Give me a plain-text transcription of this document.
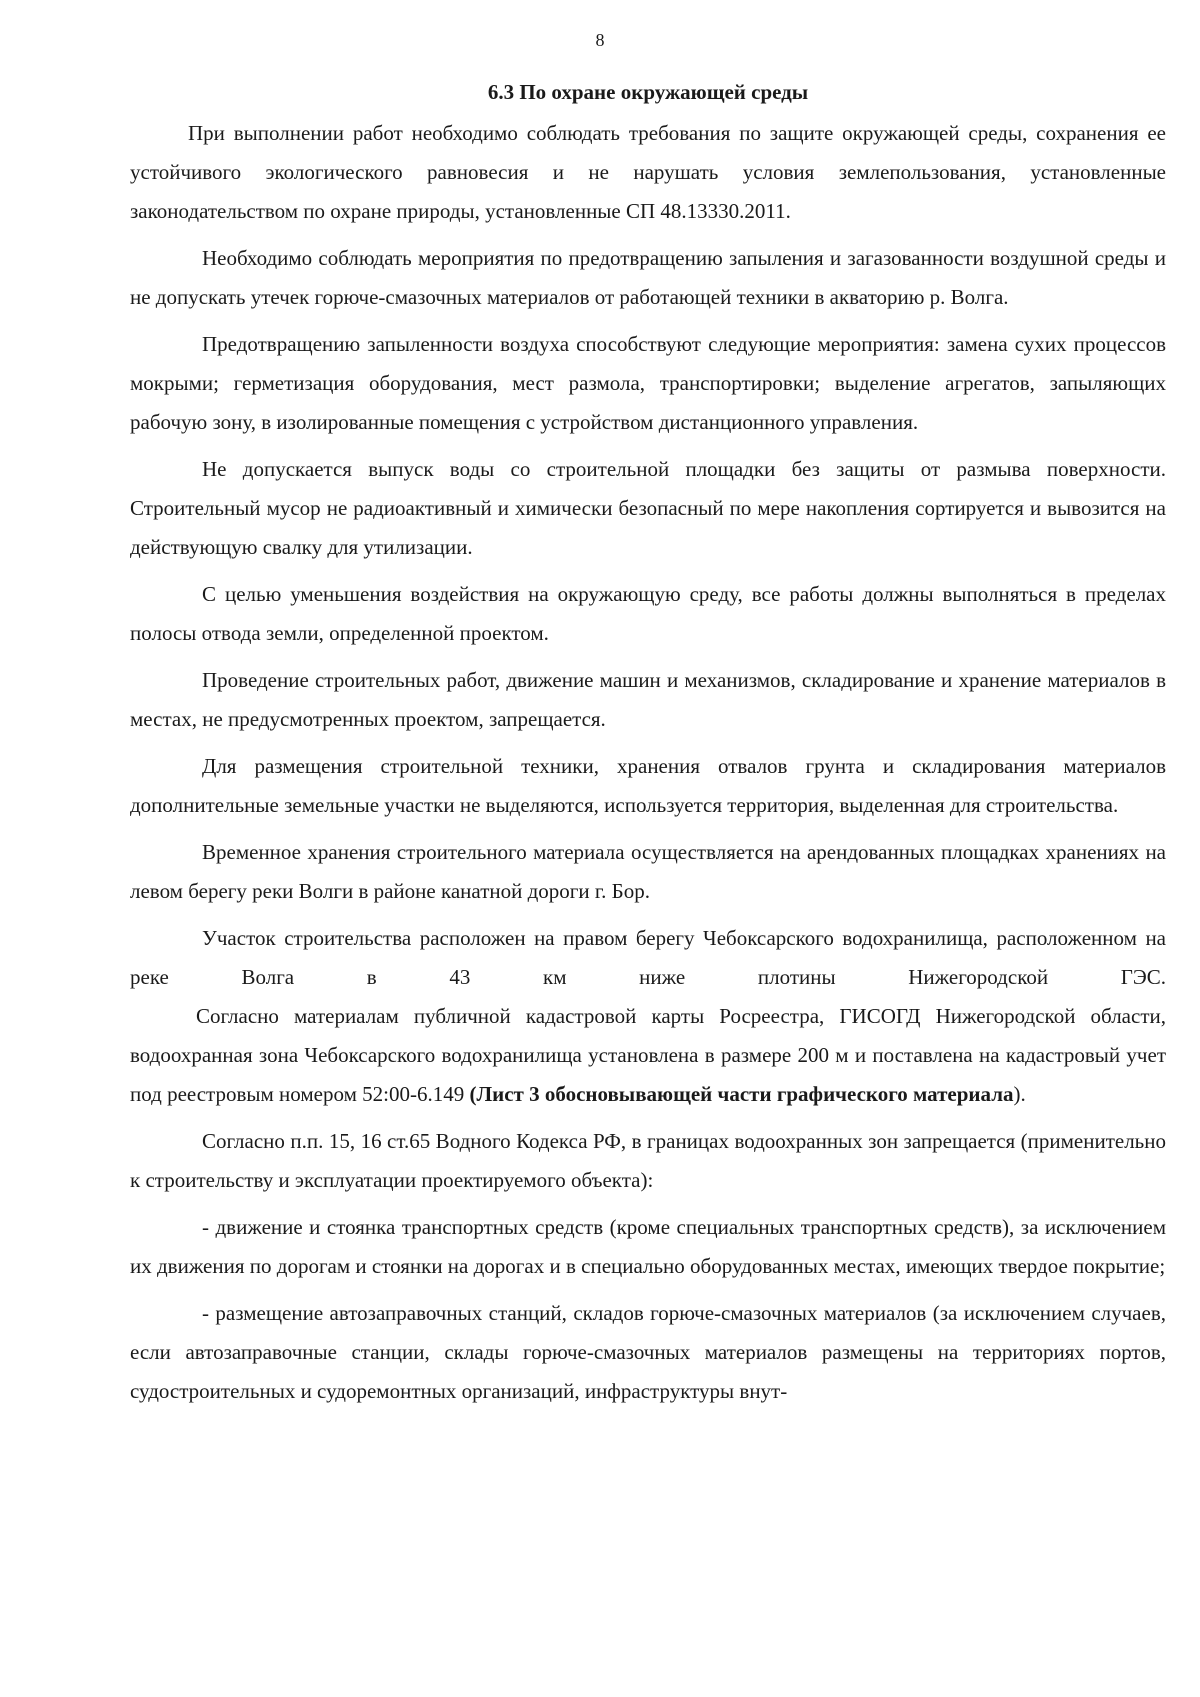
8
6.3 По охране окружающей среды

При выполнении работ необходимо соблюдать требования по защите окружающей среды, сохранения ее устойчивого экологического равновесия и не нарушать условия землепользования, установленные законодательством по охране природы, установленные СП 48.13330.2011.

Необходимо соблюдать мероприятия по предотвращению запыления и загазованности воздушной среды и не допускать утечек горюче-смазочных материалов от работающей техники в акваторию р. Волга.

Предотвращению запыленности воздуха способствуют следующие мероприятия: замена сухих процессов мокрыми; герметизация оборудования, мест размола, транспортировки; выделение агрегатов, запыляющих рабочую зону, в изолированные помещения с устройством дистанционного управления.

Не допускается выпуск воды со строительной площадки без защиты от размыва поверхности. Строительный мусор не радиоактивный и химически безопасный по мере накопления сортируется и вывозится на действующую свалку для утилизации.

С целью уменьшения воздействия на окружающую среду, все работы должны выполняться в пределах полосы отвода земли, определенной проектом.

Проведение строительных работ, движение машин и механизмов, складирование и хранение материалов в местах, не предусмотренных проектом, запрещается.

Для размещения строительной техники, хранения отвалов грунта и складирования материалов дополнительные земельные участки не выделяются, используется территория, выделенная для строительства.

Временное хранения строительного материала осуществляется на арендованных площадках хранениях на левом берегу реки Волги в районе канатной дороги г. Бор.

Участок строительства расположен на правом берегу Чебоксарского водохранилища, расположенном на реке Волга в 43 км ниже плотины Нижегородской ГЭС.

Согласно материалам публичной кадастровой карты Росреестра, ГИСОГД Нижегородской области, водоохранная зона Чебоксарского водохранилища установлена в размере 200 м и поставлена на кадастровый учет под реестровым номером 52:00-6.149 (Лист 3 обосновывающей части графического материала).

Согласно п.п. 15, 16 ст.65 Водного Кодекса РФ, в границах водоохранных зон запрещается (применительно к строительству и эксплуатации проектируемого объекта):

- движение и стоянка транспортных средств (кроме специальных транспортных средств), за исключением их движения по дорогам и стоянки на дорогах и в специально оборудованных местах, имеющих твердое покрытие;

- размещение автозаправочных станций, складов горюче-смазочных материалов (за исключением случаев, если автозаправочные станции, склады горюче-смазочных материалов размещены на территориях портов, судостроительных и судоремонтных организаций, инфраструктуры внут-
